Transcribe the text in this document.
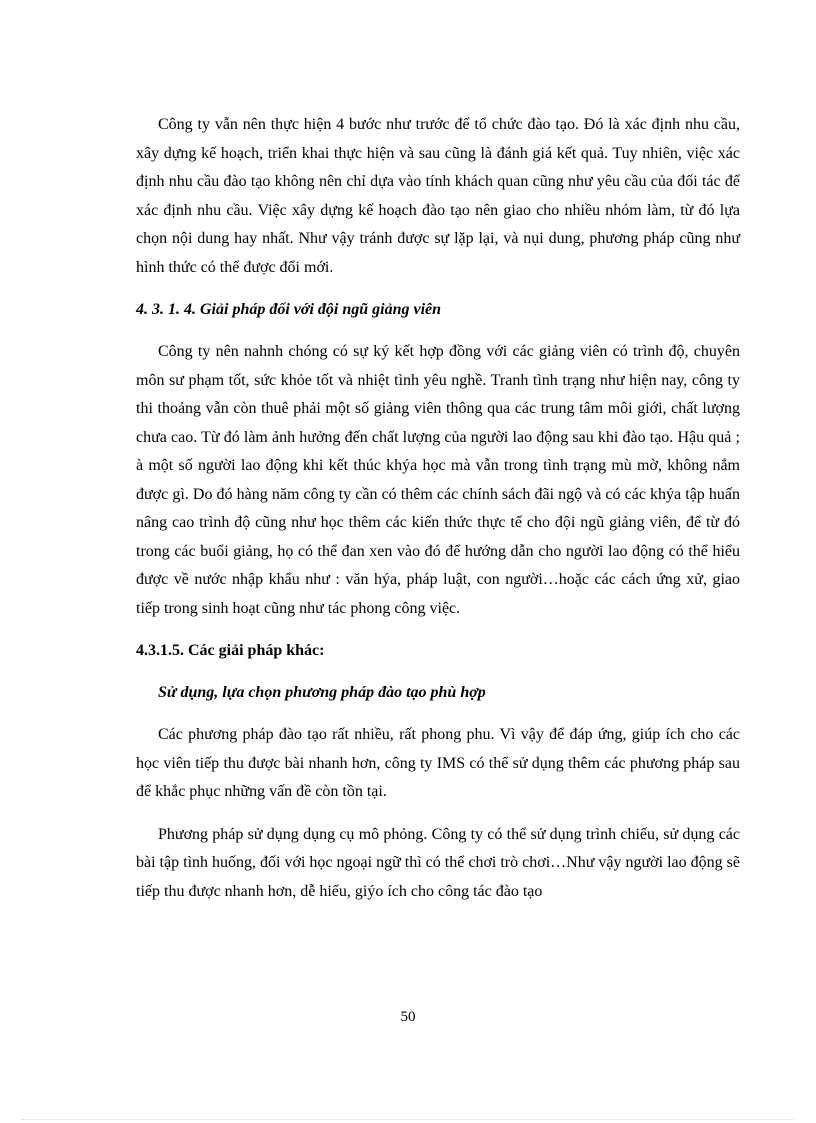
Công ty vẫn nên thực hiện 4 bước như trước để tổ chức đào tạo. Đó là xác định nhu cầu, xây dựng kế hoạch, triển khai thực hiện và sau cũng là đánh giá kết quả. Tuy nhiên, việc xác định nhu cầu đào tạo không nên chỉ dựa vào tính khách quan cũng như yêu cầu của đối tác để xác định nhu cầu. Việc xây dựng kế hoạch đào tạo nên giao cho nhiều nhóm làm, từ đó lựa chọn nội dung hay nhất. Như vậy tránh được sự lặp lại, và nụi dung, phương pháp cũng như hình thức có thể được đổi mới.

4. 3. 1. 4. Giải pháp đối với đội ngũ giảng viên

Công ty nên nahnh chóng có sự ký kết hợp đồng với các giảng viên có trình độ, chuyên môn sư phạm tốt, sức khỏe tốt và nhiệt tình yêu nghề. Tranh tình trạng như hiện nay, công ty thi thoảng vẫn còn thuê phải một số giảng viên thông qua các trung tâm môi giới, chất lượng chưa cao. Từ đó làm ảnh hưởng đến chất lượng của người lao động sau khi đào tạo. Hậu quả ; à một số người lao động khi kết thúc khýa học mà vẫn trong tình trạng mù mờ, không nắm được gì. Do đó hàng năm công ty cần có thêm các chính sách đãi ngộ và có các khýa tập huấn nâng cao trình độ cũng như học thêm các kiến thức thực tế cho đội ngũ giảng viên, để từ đó trong các buổi giảng, họ có thể đan xen vào đó để hướng dẫn cho người lao động có thể hiểu được về nước nhập khẩu như : văn hýa, pháp luật, con người…hoặc các cách ứng xử, giao tiếp trong sinh hoạt cũng như tác phong công việc.

4.3.1.5. Các giải pháp khác:

Sử dụng, lựa chọn phương pháp đào tạo phù hợp

Các phương pháp đào tạo rất nhiều, rất phong phu. Vì vậy để đáp ứng, giúp ích cho các học viên tiếp thu được bài nhanh hơn, công ty IMS có thể sử dụng thêm các phương pháp sau để khắc phục những vấn đề còn tồn tại.

Phương pháp sử dụng dụng cụ mô phỏng. Công ty có thể sử dụng trình chiếu, sử dụng các bài tập tình huống, đối với học ngoại ngữ thì có thể chơi trò chơi…Như vậy người lao động sẽ tiếp thu được nhanh hơn, dễ hiểu, giýo ích cho công tác đào tạo

50
